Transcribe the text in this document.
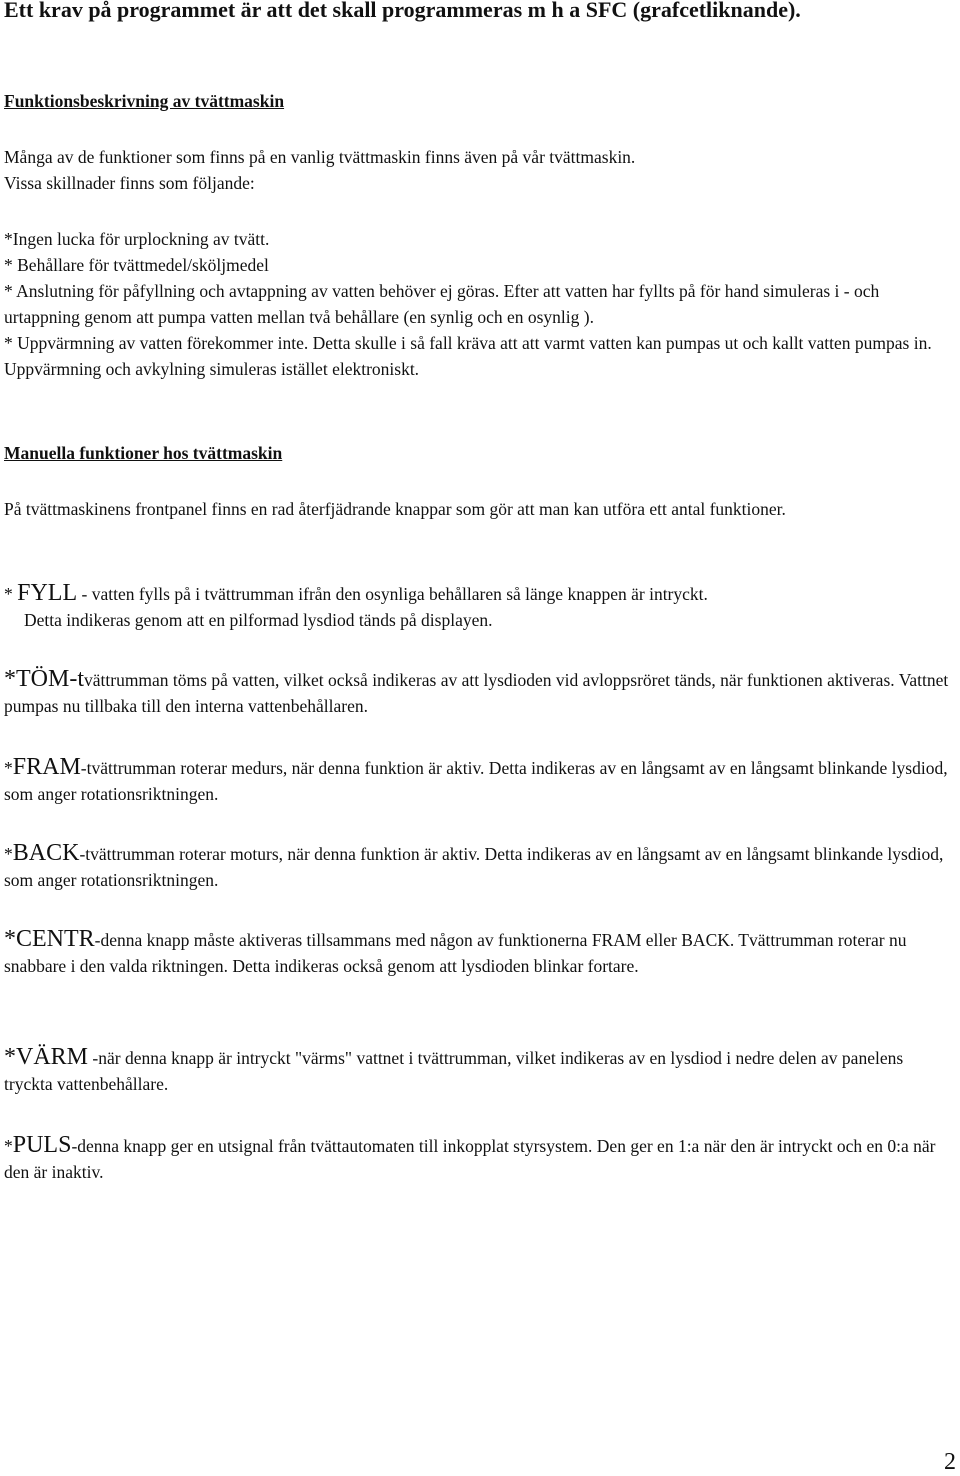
Ett krav på programmet är att det skall programmeras m h a SFC (grafcetliknande).

Funktionsbeskrivning av tvättmaskin

Många av de funktioner som finns på en vanlig tvättmaskin finns även på vår tvättmaskin.

Vissa skillnader finns som följande:

*Ingen lucka för urplockning av tvätt.

* Behållare för tvättmedel/sköljmedel

* Anslutning för påfyllning och avtappning av vatten behöver ej göras. Efter att vatten har fyllts på för hand simuleras i - och urtappning genom att pumpa vatten mellan två behållare (en synlig och en osynlig ).

* Uppvärmning av vatten förekommer inte. Detta skulle i så fall kräva att att varmt vatten kan pumpas ut och kallt vatten pumpas in. Uppvärmning och avkylning simuleras istället elektroniskt.

Manuella funktioner hos tvättmaskin

På tvättmaskinens frontpanel finns en rad återfjädrande knappar som gör att man kan utföra ett antal funktioner.

* FYLL - vatten fylls på i tvättrumman ifrån den osynliga behållaren så länge knappen är intryckt.

Detta indikeras genom att en pilformad lysdiod tänds på displayen.

*TÖM-tvättrumman töms på vatten, vilket också indikeras av att lysdioden vid avloppsröret tänds, när funktionen aktiveras. Vattnet pumpas nu tillbaka till den interna vattenbehållaren.

*FRAM-tvättrumman roterar medurs, när denna funktion är aktiv. Detta indikeras av en långsamt av en långsamt blinkande lysdiod, som anger rotationsriktningen.

*BACK-tvättrumman roterar moturs, när denna funktion är aktiv. Detta indikeras av en långsamt av en långsamt blinkande lysdiod, som anger rotationsriktningen.

*CENTR-denna knapp måste aktiveras tillsammans med någon av funktionerna FRAM eller BACK. Tvättrumman roterar nu snabbare i den valda riktningen. Detta indikeras också genom att lysdioden blinkar fortare.

*VÄRM -när denna knapp är intryckt "värms" vattnet i tvättrumman, vilket indikeras av en lysdiod i nedre delen av panelens tryckta vattenbehållare.

*PULS-denna knapp ger en utsignal från tvättautomaten till inkopplat styrsystem. Den ger en 1:a när den är intryckt och en 0:a när den är inaktiv.

2
